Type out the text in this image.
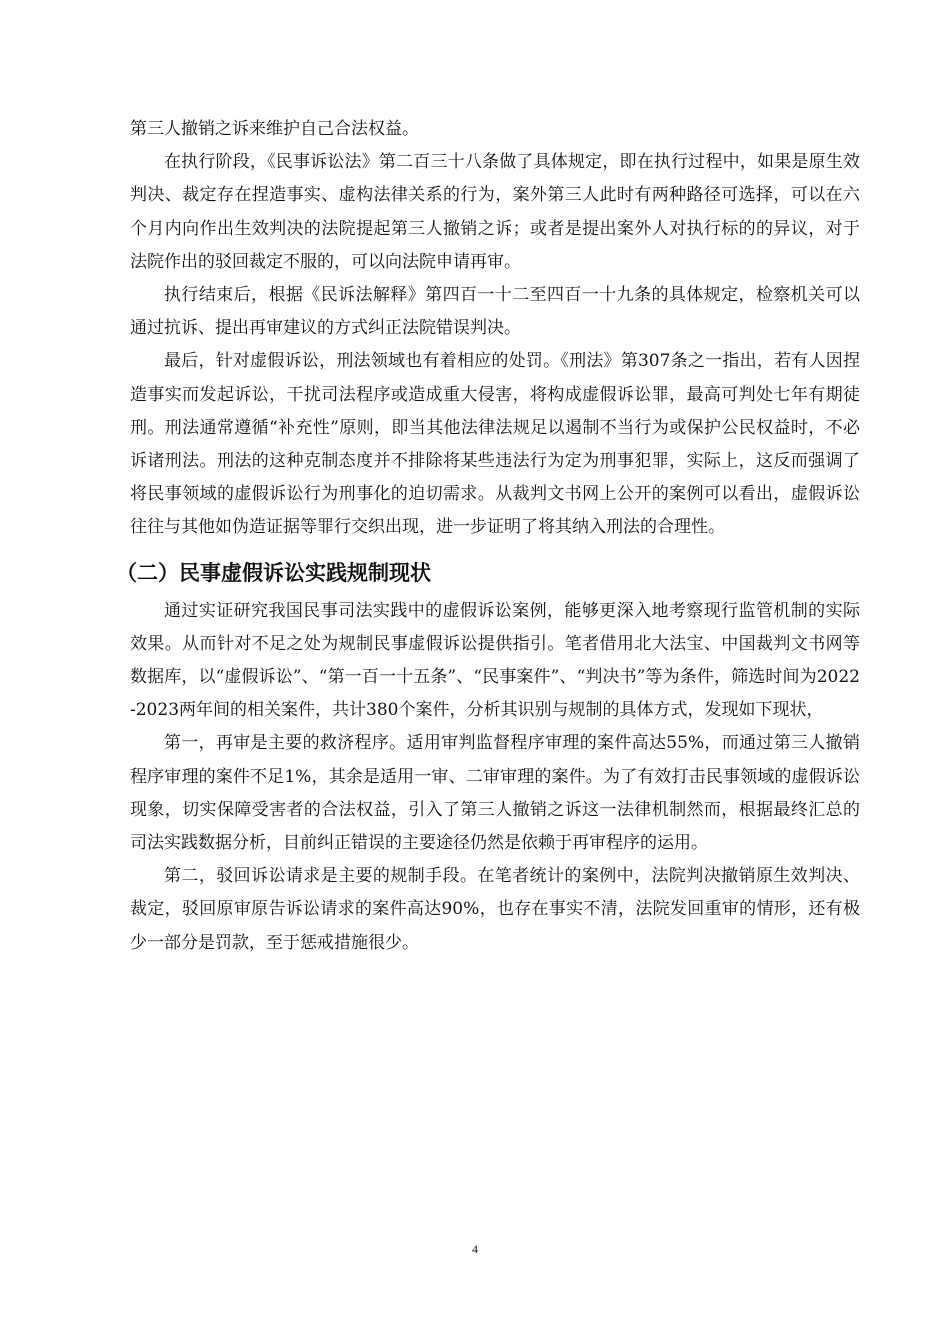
第三人撤销之诉来维护自己合法权益。

在执行阶段，《民事诉讼法》第二百三十八条做了具体规定，即在执行过程中，如果是原生效判决、裁定存在捏造事实、虚构法律关系的行为，案外第三人此时有两种路径可选择，可以在六个月内向作出生效判决的法院提起第三人撤销之诉；或者是提出案外人对执行标的的异议，对于法院作出的驳回裁定不服的，可以向法院申请再审。

执行结束后，根据《民诉法解释》第四百一十二至四百一十九条的具体规定，检察机关可以通过抗诉、提出再审建议的方式纠正法院错误判决。

最后，针对虚假诉讼，刑法领域也有着相应的处罚。《刑法》第307条之一指出，若有人因捏造事实而发起诉讼，干扰司法程序或造成重大侵害，将构成虚假诉讼罪，最高可判处七年有期徒刑。刑法通常遵循“补充性”原则，即当其他法律法规足以遏制不当行为或保护公民权益时，不必诉诸刑法。刑法的这种克制态度并不排除将某些违法行为定为刑事犯罪，实际上，这反而强调了将民事领域的虚假诉讼行为刑事化的迫切需求。从裁判文书网上公开的案例可以看出，虚假诉讼往往与其他如伪造证据等罪行交织出现，进一步证明了将其纳入刑法的合理性。

（二）民事虚假诉讼实践规制现状

通过实证研究我国民事司法实践中的虚假诉讼案例，能够更深入地考察现行监管机制的实际效果。从而针对不足之处为规制民事虚假诉讼提供指引。笔者借用北大法宝、中国裁判文书网等数据库，以“虚假诉讼”、“第一百一十五条”、“民事案件”、“判决书”等为条件，筛选时间为2022-2023两年间的相关案件，共计380个案件，分析其识别与规制的具体方式，发现如下现状，

第一，再审是主要的救济程序。适用审判监督程序审理的案件高达55%，而通过第三人撤销程序审理的案件不足1%，其余是适用一审、二审审理的案件。为了有效打击民事领域的虚假诉讼现象，切实保障受害者的合法权益，引入了第三人撤销之诉这一法律机制然而，根据最终汇总的司法实践数据分析，目前纠正错误的主要途径仍然是依赖于再审程序的运用。

第二，驳回诉讼请求是主要的规制手段。在笔者统计的案例中，法院判决撤销原生效判决、裁定，驳回原审原告诉讼请求的案件高达90%，也存在事实不清，法院发回重审的情形，还有极少一部分是罚款，至于惩戒措施很少。

4
